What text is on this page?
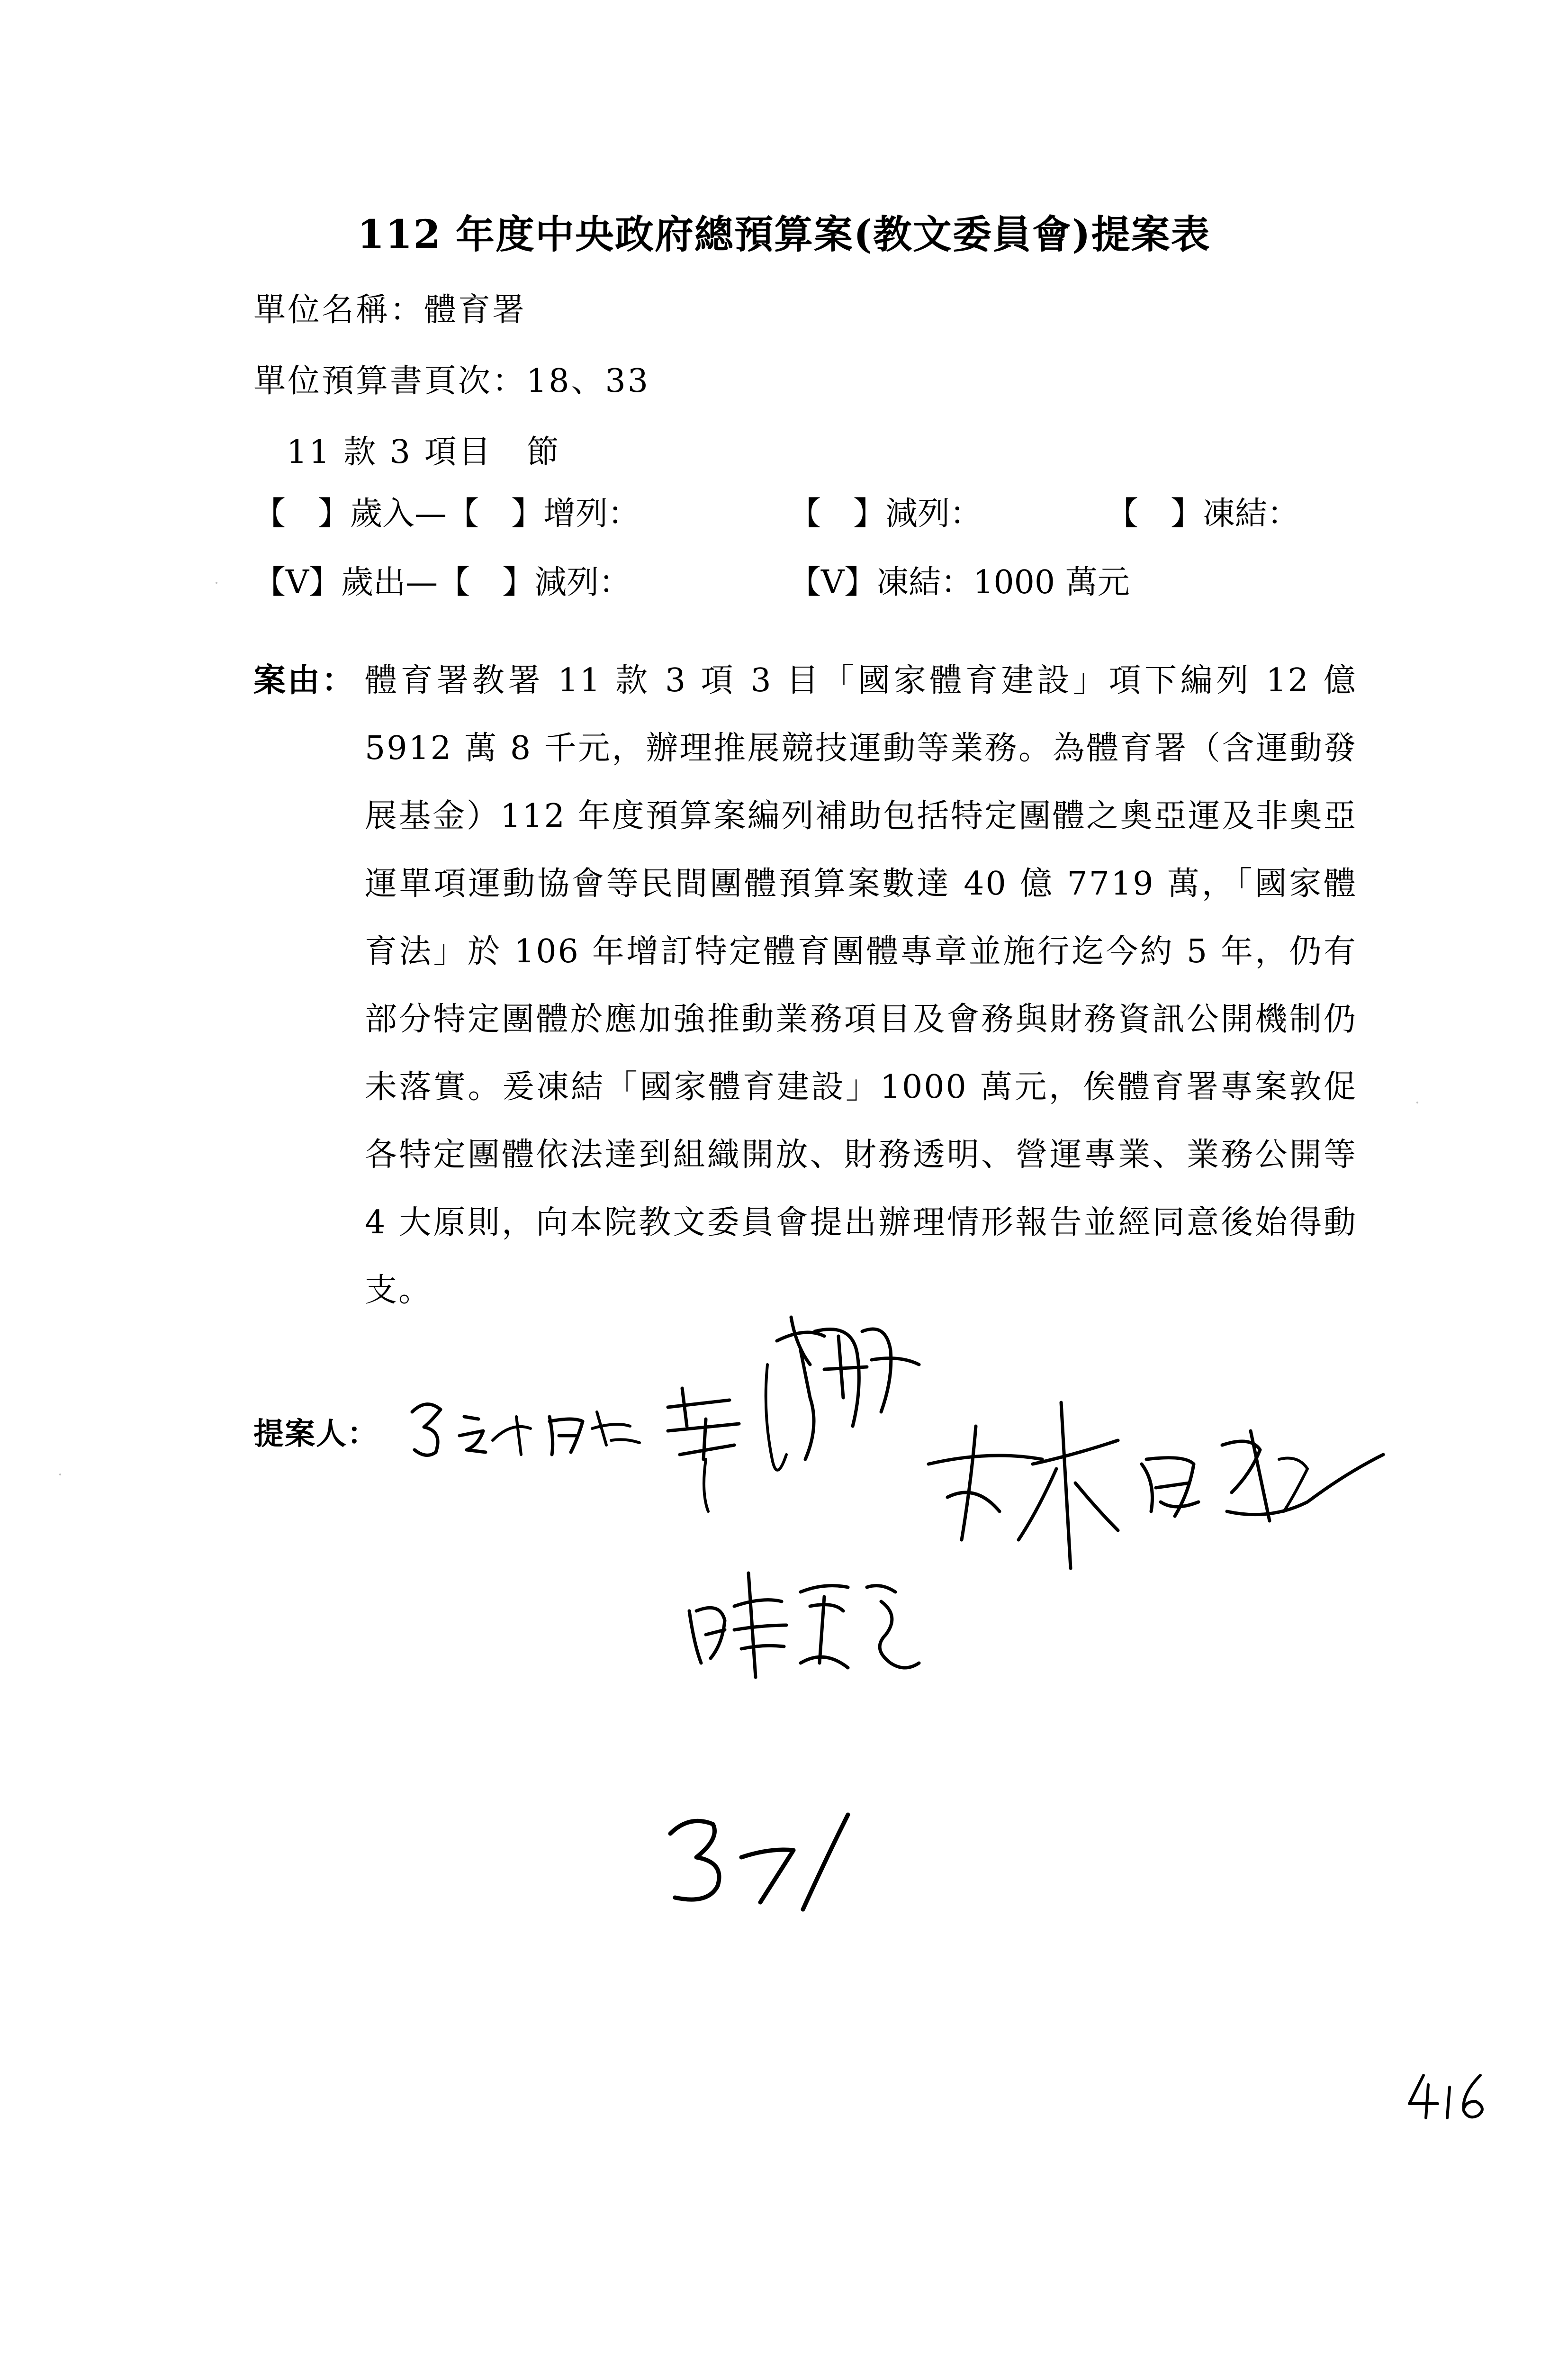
112 年度中央政府總預算案(教文委員會)提案表
單位名稱：體育署
單位預算書頁次：18、33
11 款 3 項目　節
【　】歲入—【　】增列：	【　】減列：	【　】凍結：
【V】歲出—【　】減列：	【V】凍結：1000 萬元
案由： 體育署教署 11 款 3 項 3 目「國家體育建設」項下編列 12 億 5912 萬 8 千元，辦理推展競技運動等業務。為體育署（含運動發展基金）112 年度預算案編列補助包括特定團體之奧亞運及非奧亞運單項運動協會等民間團體預算案數達 40 億 7719 萬，「國家體育法」於 106 年增訂特定體育團體專章並施行迄今約 5 年，仍有部分特定團體於應加強推動業務項目及會務與財務資訊公開機制仍未落實。爰凍結「國家體育建設」1000 萬元，俟體育署專案敦促各特定團體依法達到組織開放、財務透明、營運專業、業務公開等 4 大原則，向本院教文委員會提出辦理情形報告並經同意後始得動支。
提案人：
